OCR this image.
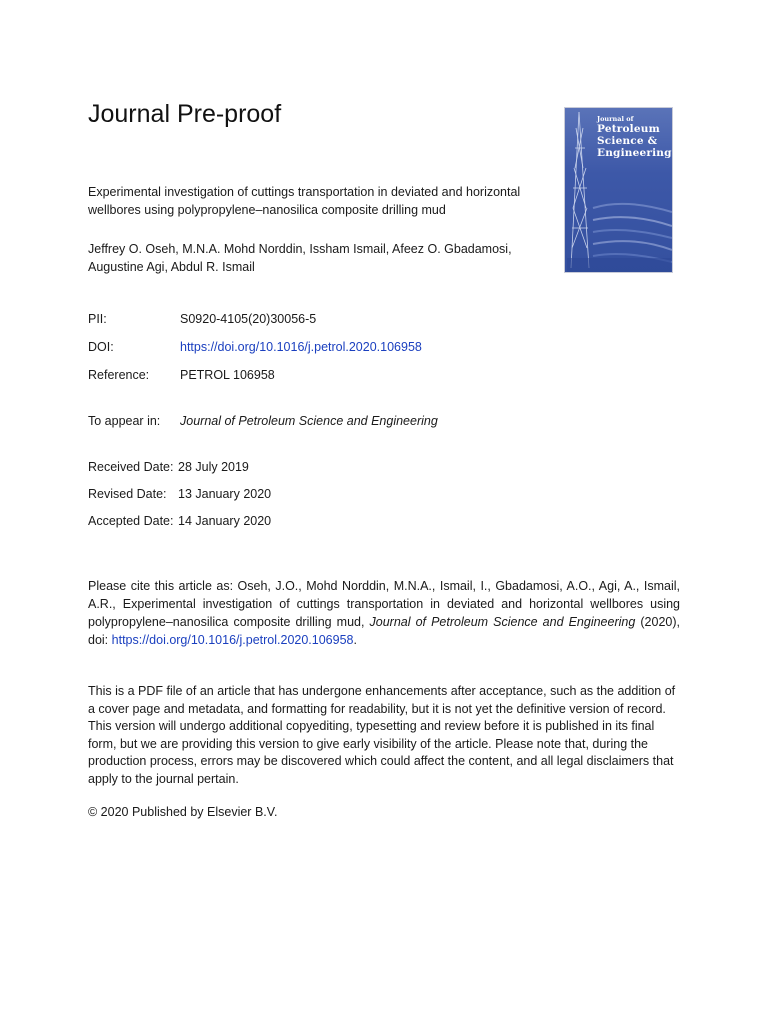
Journal Pre-proof	Journal of
Petroleum
Science &
Engineering
Experimental investigation of cuttings transportation in deviated and horizontal wellbores using polypropylene–nanosilica composite drilling mud
Jeffrey O. Oseh, M.N.A. Mohd Norddin, Issham Ismail, Afeez O. Gbadamosi, Augustine Agi, Abdul R. Ismail
PII:	S0920-4105(20)30056-5
DOI:	https://doi.org/10.1016/j.petrol.2020.106958
Reference: PETROL 106958
To appear in: Journal of Petroleum Science and Engineering
Received Date: 28 July 2019
Revised Date: 13 January 2020
Accepted Date: 14 January 2020
Please cite this article as: Oseh, J.O., Mohd Norddin, M.N.A., Ismail, I., Gbadamosi, A.O., Agi, A., Ismail, A.R., Experimental investigation of cuttings transportation in deviated and horizontal wellbores using polypropylene–nanosilica composite drilling mud, Journal of Petroleum Science and Engineering (2020), doi: https://doi.org/10.1016/j.petrol.2020.106958.
This is a PDF file of an article that has undergone enhancements after acceptance, such as the addition of a cover page and metadata, and formatting for readability, but it is not yet the definitive version of record. This version will undergo additional copyediting, typesetting and review before it is published in its final form, but we are providing this version to give early visibility of the article. Please note that, during the production process, errors may be discovered which could affect the content, and all legal disclaimers that apply to the journal pertain.
© 2020 Published by Elsevier B.V.
